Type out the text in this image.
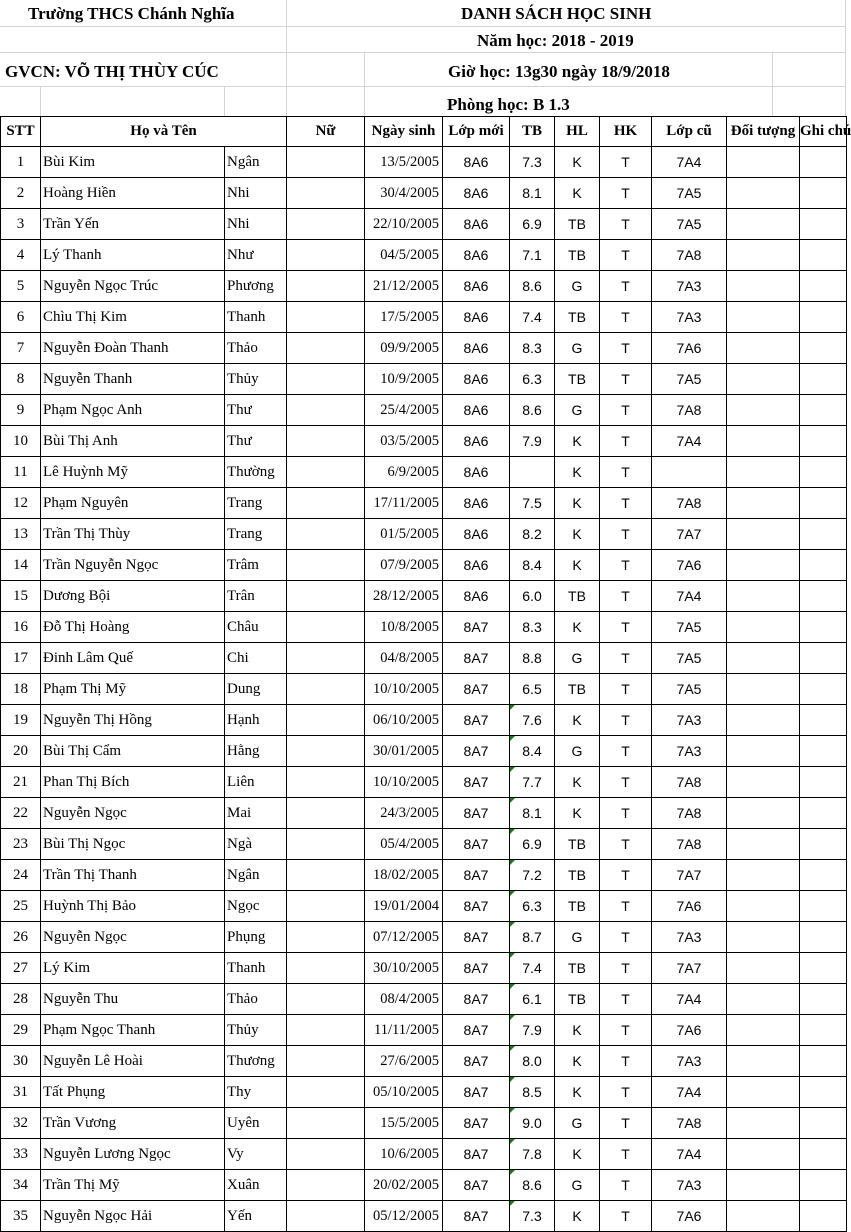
Trường THCS Chánh Nghĩa	DANH SÁCH HỌC SINH
Năm học: 2018 - 2019
GVCN: VÕ THỊ THÙY CÚC	Giờ học: 13g30 ngày 18/9/2018
Phòng học: B 1.3
STT	Họ và Tên		Nữ	Ngày sinh	Lớp mới	TB	HL	HK	Lớp cũ	Đối tượng	Ghi chú
1	Bùi Kim	Ngân		13/5/2005	8A6	7.3	K	T	7A4		
2	Hoàng Hiền	Nhi		30/4/2005	8A6	8.1	K	T	7A5		
3	Trần Yến	Nhi		22/10/2005	8A6	6.9	TB	T	7A5		
4	Lý Thanh	Như		04/5/2005	8A6	7.1	TB	T	7A8		
5	Nguyễn Ngọc Trúc	Phương		21/12/2005	8A6	8.6	G	T	7A3		
6	Chìu Thị Kim	Thanh		17/5/2005	8A6	7.4	TB	T	7A3		
7	Nguyễn Đoàn Thanh	Thảo		09/9/2005	8A6	8.3	G	T	7A6		
8	Nguyễn Thanh	Thủy		10/9/2005	8A6	6.3	TB	T	7A5		
9	Phạm Ngọc Anh	Thư		25/4/2005	8A6	8.6	G	T	7A8		
10	Bùi Thị Anh	Thư		03/5/2005	8A6	7.9	K	T	7A4		
11	Lê Huỳnh Mỹ	Thường		6/9/2005	8A6		K	T			
12	Phạm Nguyên	Trang		17/11/2005	8A6	7.5	K	T	7A8		
13	Trần Thị Thùy	Trang		01/5/2005	8A6	8.2	K	T	7A7		
14	Trần Nguyễn Ngọc	Trâm		07/9/2005	8A6	8.4	K	T	7A6		
15	Dương Bội	Trân		28/12/2005	8A6	6.0	TB	T	7A4		
16	Đỗ Thị Hoàng	Châu		10/8/2005	8A7	8.3	K	T	7A5		
17	Đinh Lâm Quế	Chi		04/8/2005	8A7	8.8	G	T	7A5		
18	Phạm Thị Mỹ	Dung		10/10/2005	8A7	6.5	TB	T	7A5		
19	Nguyễn Thị Hồng	Hạnh		06/10/2005	8A7	7.6	K	T	7A3		
20	Bùi Thị Cẩm	Hằng		30/01/2005	8A7	8.4	G	T	7A3		
21	Phan Thị Bích	Liên		10/10/2005	8A7	7.7	K	T	7A8		
22	Nguyễn Ngọc	Mai		24/3/2005	8A7	8.1	K	T	7A8		
23	Bùi Thị Ngọc	Ngà		05/4/2005	8A7	6.9	TB	T	7A8		
24	Trần Thị Thanh	Ngân		18/02/2005	8A7	7.2	TB	T	7A7		
25	Huỳnh Thị Bảo	Ngọc		19/01/2004	8A7	6.3	TB	T	7A6		
26	Nguyễn Ngọc	Phụng		07/12/2005	8A7	8.7	G	T	7A3		
27	Lý Kim	Thanh		30/10/2005	8A7	7.4	TB	T	7A7		
28	Nguyễn Thu	Thảo		08/4/2005	8A7	6.1	TB	T	7A4		
29	Phạm Ngọc Thanh	Thủy		11/11/2005	8A7	7.9	K	T	7A6		
30	Nguyễn Lê Hoài	Thương		27/6/2005	8A7	8.0	K	T	7A3		
31	Tất Phụng	Thy		05/10/2005	8A7	8.5	K	T	7A4		
32	Trần Vương	Uyên		15/5/2005	8A7	9.0	G	T	7A8		
33	Nguyễn Lương Ngọc	Vy		10/6/2005	8A7	7.8	K	T	7A4		
34	Trần Thị Mỹ	Xuân		20/02/2005	8A7	8.6	G	T	7A3		
35	Nguyễn Ngọc Hải	Yến		05/12/2005	8A7	7.3	K	T	7A6		
